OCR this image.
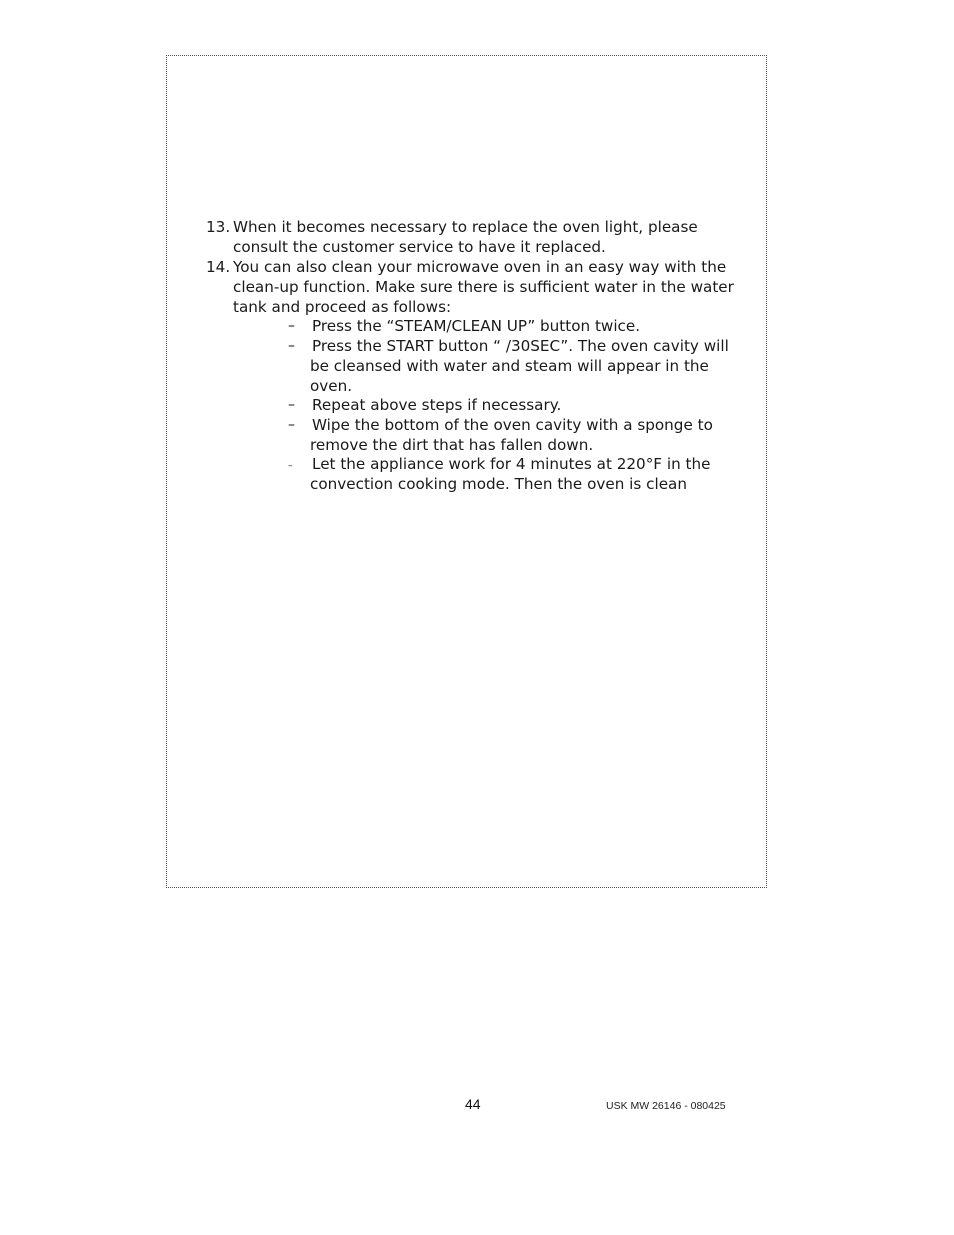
13. When it becomes necessary to replace the oven light, please consult the customer service to have it replaced.
14. You can also clean your microwave oven in an easy way with the clean-up function. Make sure there is sufficient water in the water tank and proceed as follows:
–	Press the “STEAM/CLEAN UP” button twice.
–	Press the START button “ /30SEC”. The oven cavity will be cleansed with water and steam will appear in the oven.
–	Repeat above steps if necessary.
–	Wipe the bottom of the oven cavity with a sponge to remove the dirt that has fallen down.
–	Let the appliance work for 4 minutes at 220°F in the convection cooking mode. Then the oven is clean
44	USK MW 26146 - 080425
